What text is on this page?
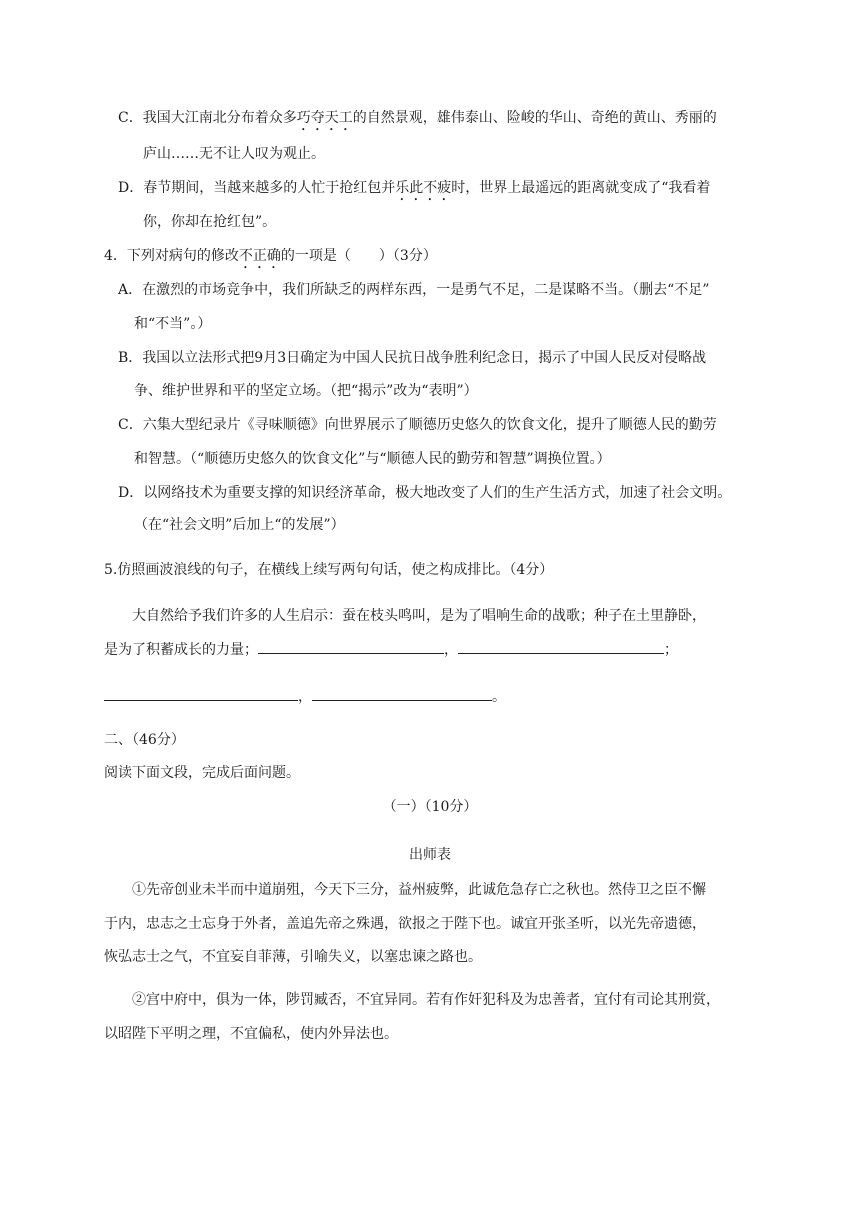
C．我国大江南北分布着众多巧夺天工的自然景观，雄伟泰山、险峻的华山、奇绝的黄山、秀丽的
庐山……无不让人叹为观止。
D．春节期间，当越来越多的人忙于抢红包并乐此不疲时，世界上最遥远的距离就变成了“我看着
你，你却在抢红包”。
4．下列对病句的修改不正确的一项是（　　）（3分）
A．在激烈的市场竞争中，我们所缺乏的两样东西，一是勇气不足，二是谋略不当。（删去“不足”
和“不当”。）
B．我国以立法形式把9月3日确定为中国人民抗日战争胜利纪念日，揭示了中国人民反对侵略战
争、维护世界和平的坚定立场。（把“揭示”改为“表明”）
C．六集大型纪录片《寻味顺德》向世界展示了顺德历史悠久的饮食文化，提升了顺德人民的勤劳
和智慧。（“顺德历史悠久的饮食文化”与“顺德人民的勤劳和智慧”调换位置。）
D．以网络技术为重要支撑的知识经济革命，极大地改变了人们的生产生活方式，加速了社会文明。
（在“社会文明”后加上“的发展”）
5.仿照画波浪线的句子，在横线上续写两句句话，使之构成排比。（4分）
大自然给予我们许多的人生启示：蚕在枝头鸣叫，是为了唱响生命的战歌；种子在土里静卧，
是为了积蓄成长的力量；	，	；
，	。
二、（46分）
阅读下面文段，完成后面问题。
（一）（10分）
出师表
①先帝创业未半而中道崩殂，今天下三分，益州疲弊，此诚危急存亡之秋也。然侍卫之臣不懈
于内，忠志之士忘身于外者，盖追先帝之殊遇，欲报之于陛下也。诚宜开张圣听，以光先帝遗德，
恢弘志士之气，不宜妄自菲薄，引喻失义，以塞忠谏之路也。
②宫中府中，俱为一体，陟罚臧否，不宜异同。若有作奸犯科及为忠善者，宜付有司论其刑赏，
以昭陛下平明之理，不宜偏私，使内外异法也。
